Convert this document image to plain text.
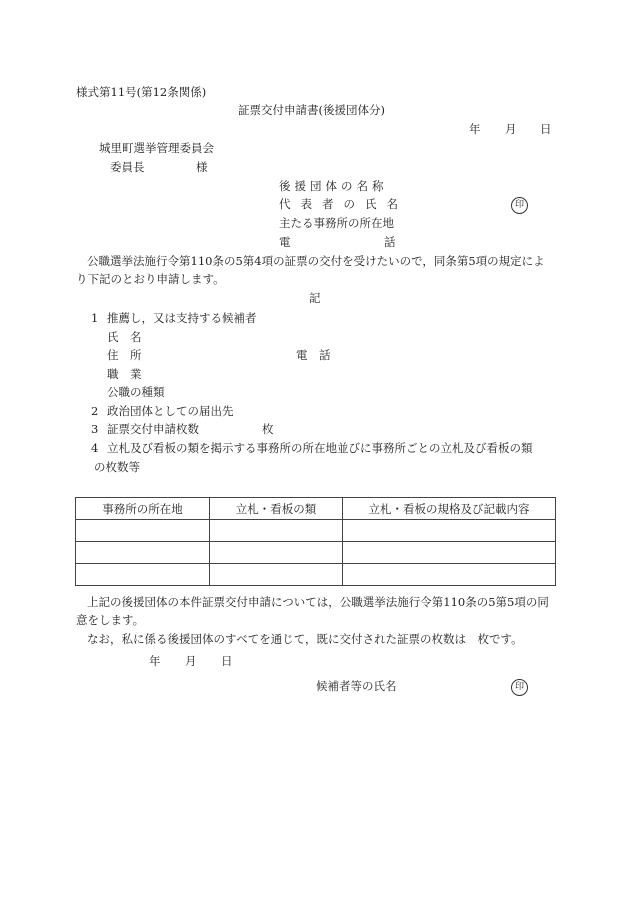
様式第11号(第12条関係)
証票交付申請書(後援団体分)
年 月 日
城里町選挙管理委員会
委員長	様
後援団体の名称
代表者の氏名	印
主たる事務所の所在地
電	話
公職選挙法施行令第110条の5第4項の証票の交付を受けたいので，同条第5項の規定によ
り下記のとおり申請します。
記
1 推薦し，又は支持する候補者
氏 名
住 所	電 話
職 業
公職の種類
2 政治団体としての届出先
3 証票交付申請枚数	枚
4 立札及び看板の類を掲示する事務所の所在地並びに事務所ごとの立札及び看板の類
の枚数等
事務所の所在地	立札・看板の類	立札・看板の規格及び記載内容

上記の後援団体の本件証票交付申請については，公職選挙法施行令第110条の5第5項の同
意をします。
なお，私に係る後援団体のすべてを通じて，既に交付された証票の枚数は　枚です。
年 月 日
候補者等の氏名	印
